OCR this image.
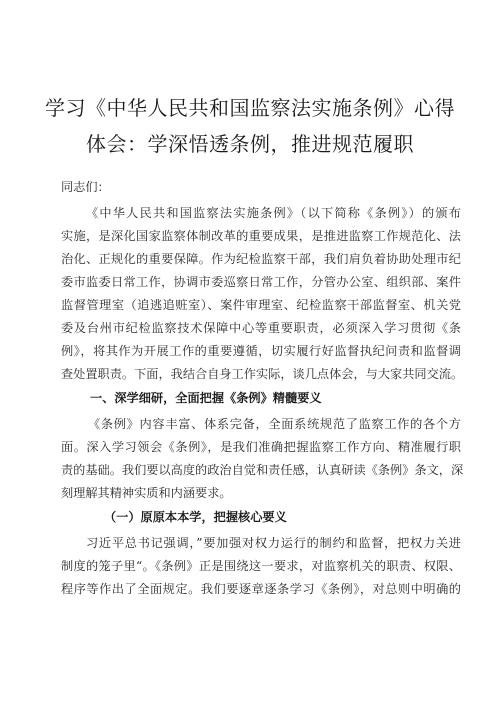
学习《中华人民共和国监察法实施条例》心得
体会：学深悟透条例，推进规范履职
同志们：
《中华人民共和国监察法实施条例》（以下简称《条例》）的颁布
实施，是深化国家监察体制改革的重要成果，是推进监察工作规范化、法
治化、正规化的重要保障。作为纪检监察干部，我们肩负着协助处理市纪
委市监委日常工作，协调市委巡察日常工作，分管办公室、组织部、案件
监督管理室（追逃追赃室）、案件审理室、纪检监察干部监督室、机关党
委及台州市纪检监察技术保障中心等重要职责，必须深入学习贯彻《条
例》，将其作为开展工作的重要遵循，切实履行好监督执纪问责和监督调
查处置职责。下面，我结合自身工作实际，谈几点体会，与大家共同交流。
一、深学细研，全面把握《条例》精髓要义
《条例》内容丰富、体系完备，全面系统规范了监察工作的各个方
面。深入学习领会《条例》，是我们准确把握监察工作方向、精准履行职
责的基础。我们要以高度的政治自觉和责任感，认真研读《条例》条文，深
刻理解其精神实质和内涵要求。
（一）原原本本学，把握核心要义
习近平总书记强调，”要加强对权力运行的制约和监督，把权力关进
制度的笼子里“。《条例》正是围绕这一要求，对监察机关的职责、权限、
程序等作出了全面规定。我们要逐章逐条学习《条例》，对总则中明确的
